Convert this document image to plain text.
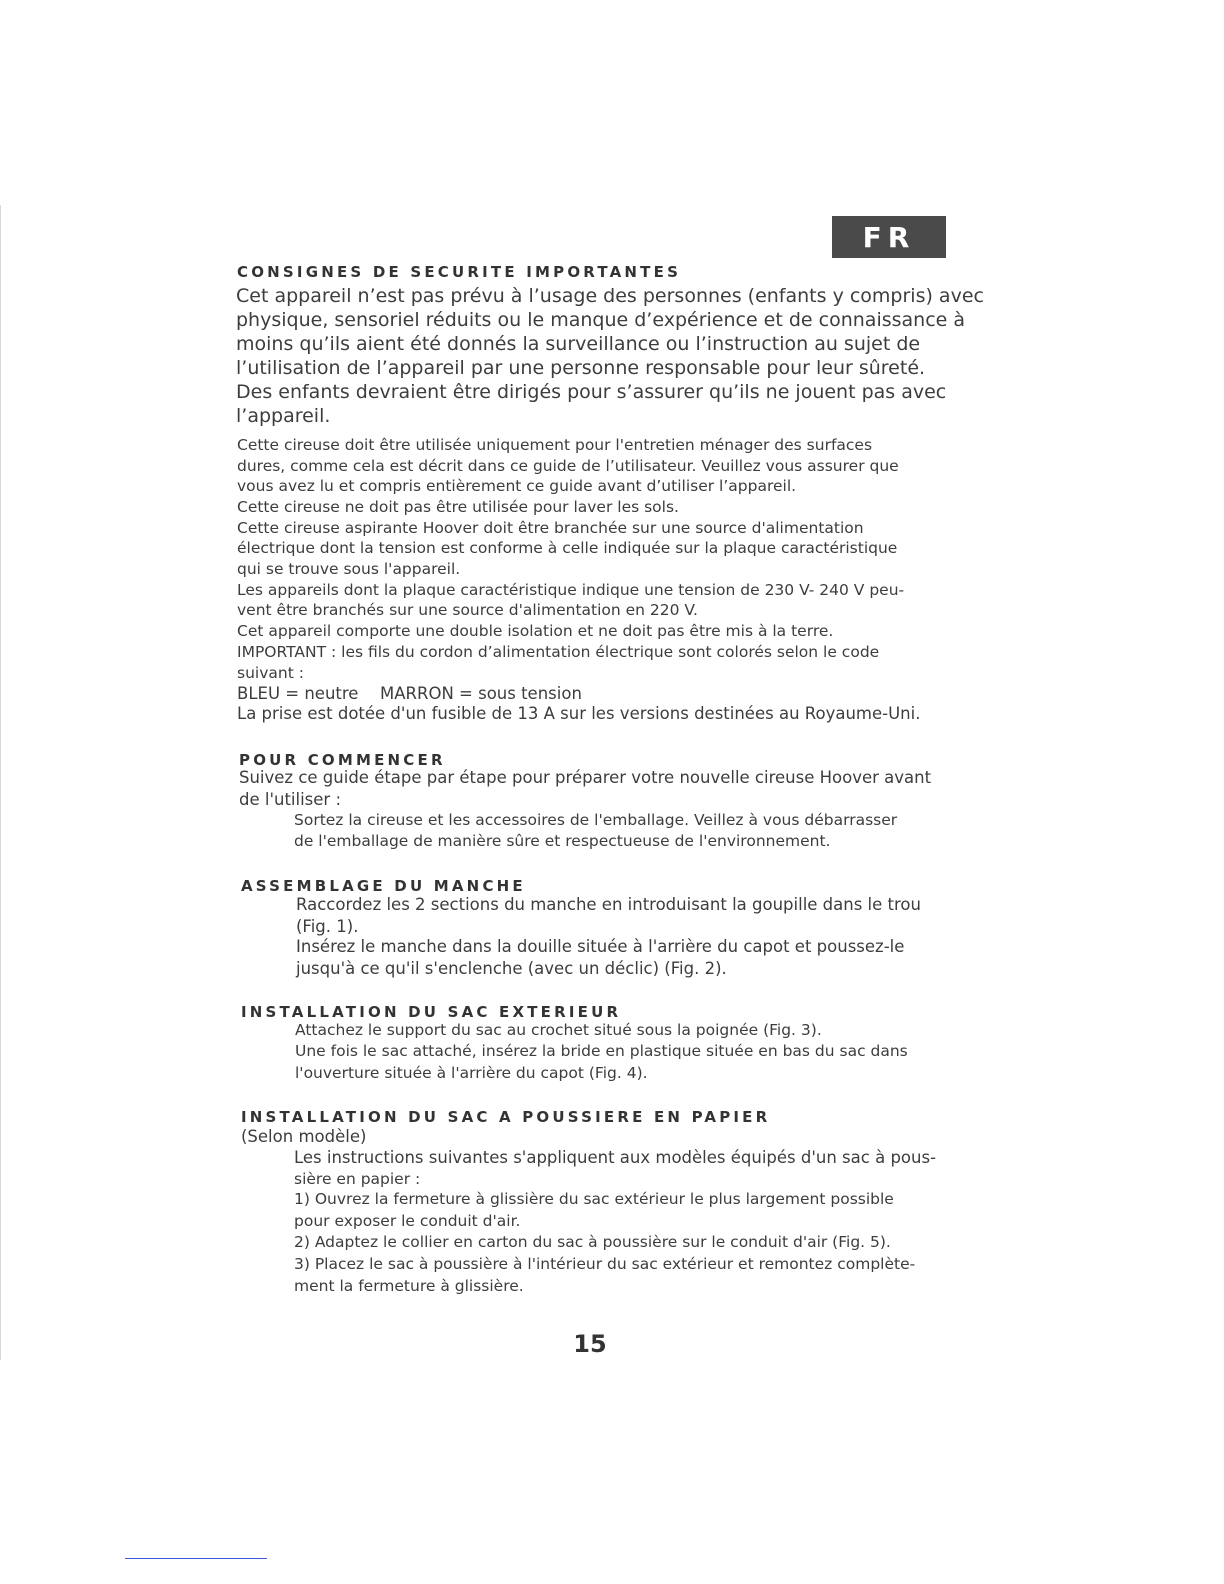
FR
CONSIGNES DE SECURITE IMPORTANTES
Cet appareil n’est pas prévu à l’usage des personnes (enfants y compris) avec
physique, sensoriel réduits ou le manque d’expérience et de connaissance à
moins qu’ils aient été donnés la surveillance ou l’instruction au sujet de
l’utilisation de l’appareil par une personne responsable pour leur sûreté.
Des enfants devraient être dirigés pour s’assurer qu’ils ne jouent pas avec
l’appareil.
Cette cireuse doit être utilisée uniquement pour l'entretien ménager des surfaces
dures, comme cela est décrit dans ce guide de l’utilisateur. Veuillez vous assurer que
vous avez lu et compris entièrement ce guide avant d’utiliser l’appareil.
Cette cireuse ne doit pas être utilisée pour laver les sols.
Cette cireuse aspirante Hoover doit être branchée sur une source d'alimentation
électrique dont la tension est conforme à celle indiquée sur la plaque caractéristique
qui se trouve sous l'appareil.
Les appareils dont la plaque caractéristique indique une tension de 230 V- 240 V peu-
vent être branchés sur une source d'alimentation en 220 V.
Cet appareil comporte une double isolation et ne doit pas être mis à la terre.
IMPORTANT : les fils du cordon d’alimentation électrique sont colorés selon le code
suivant :
BLEU = neutre MARRON = sous tension
La prise est dotée d'un fusible de 13 A sur les versions destinées au Royaume-Uni.
POUR COMMENCER
Suivez ce guide étape par étape pour préparer votre nouvelle cireuse Hoover avant
de l'utiliser :
Sortez la cireuse et les accessoires de l'emballage. Veillez à vous débarrasser
de l'emballage de manière sûre et respectueuse de l'environnement.
ASSEMBLAGE DU MANCHE
Raccordez les 2 sections du manche en introduisant la goupille dans le trou
(Fig. 1).
Insérez le manche dans la douille située à l'arrière du capot et poussez-le
jusqu'à ce qu'il s'enclenche (avec un déclic) (Fig. 2).
INSTALLATION DU SAC EXTERIEUR
Attachez le support du sac au crochet situé sous la poignée (Fig. 3).
Une fois le sac attaché, insérez la bride en plastique située en bas du sac dans
l'ouverture située à l'arrière du capot (Fig. 4).
INSTALLATION DU SAC A POUSSIERE EN PAPIER
(Selon modèle)
Les instructions suivantes s'appliquent aux modèles équipés d'un sac à pous-
sière en papier :
1) Ouvrez la fermeture à glissière du sac extérieur le plus largement possible
pour exposer le conduit d'air.
2) Adaptez le collier en carton du sac à poussière sur le conduit d'air (Fig. 5).
3) Placez le sac à poussière à l'intérieur du sac extérieur et remontez complète-
ment la fermeture à glissière.
15
